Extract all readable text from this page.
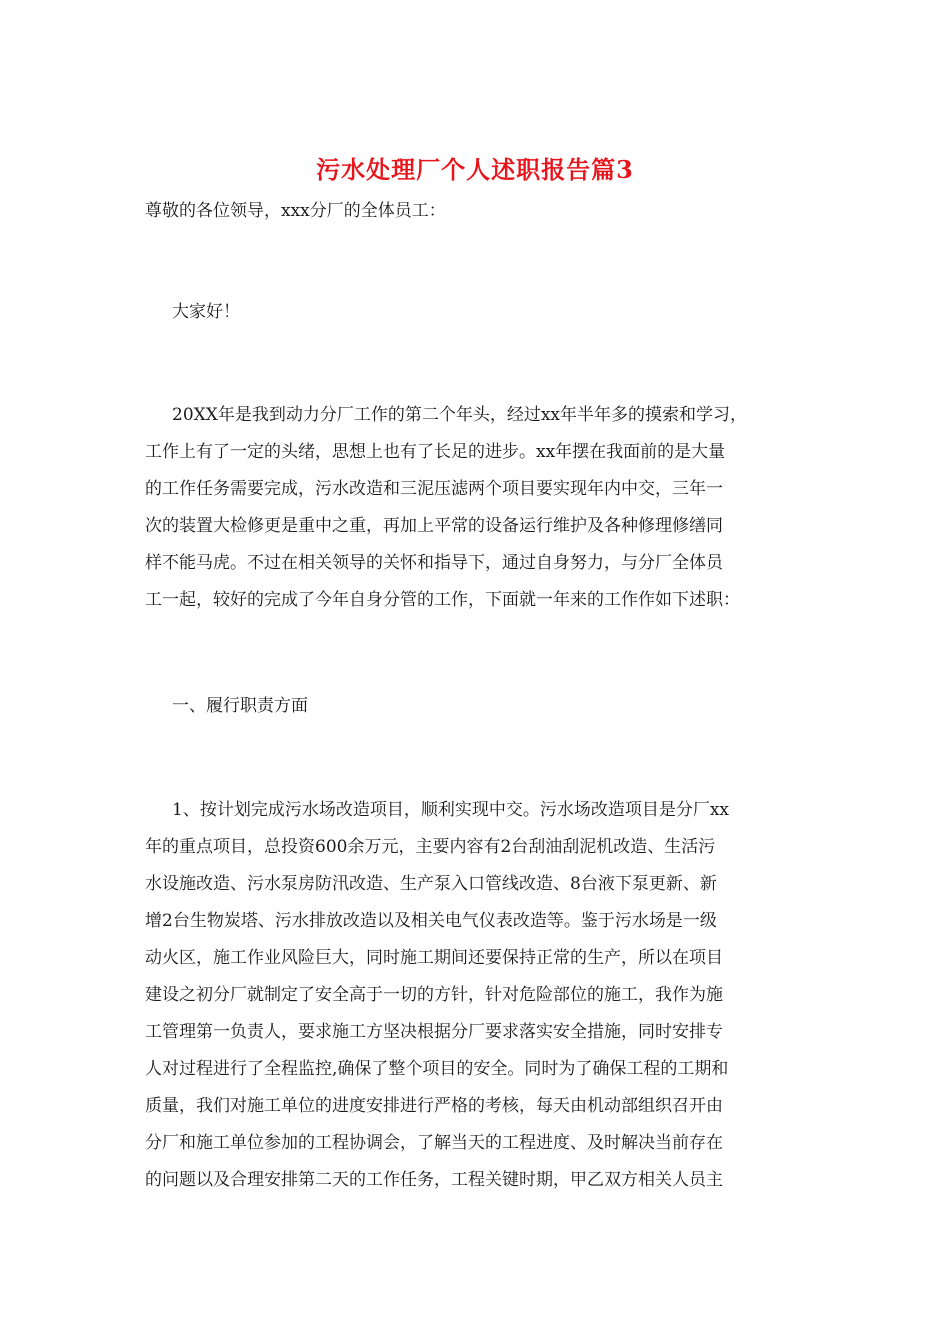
污水处理厂个人述职报告篇3
尊敬的各位领导，xxx分厂的全体员工：
大家好！
20XX年是我到动力分厂工作的第二个年头，经过xx年半年多的摸索和学习，
工作上有了一定的头绪，思想上也有了长足的进步。xx年摆在我面前的是大量
的工作任务需要完成，污水改造和三泥压滤两个项目要实现年内中交，三年一
次的装置大检修更是重中之重，再加上平常的设备运行维护及各种修理修缮同
样不能马虎。不过在相关领导的关怀和指导下，通过自身努力，与分厂全体员
工一起，较好的完成了今年自身分管的工作，下面就一年来的工作作如下述职：
一、履行职责方面
1、按计划完成污水场改造项目，顺利实现中交。污水场改造项目是分厂xx
年的重点项目，总投资600余万元，主要内容有2台刮油刮泥机改造、生活污
水设施改造、污水泵房防汛改造、生产泵入口管线改造、8台液下泵更新、新
增2台生物炭塔、污水排放改造以及相关电气仪表改造等。鉴于污水场是一级
动火区，施工作业风险巨大，同时施工期间还要保持正常的生产，所以在项目
建设之初分厂就制定了安全高于一切的方针，针对危险部位的施工，我作为施
工管理第一负责人，要求施工方坚决根据分厂要求落实安全措施，同时安排专
人对过程进行了全程监控,确保了整个项目的安全。同时为了确保工程的工期和
质量，我们对施工单位的进度安排进行严格的考核，每天由机动部组织召开由
分厂和施工单位参加的工程协调会，了解当天的工程进度、及时解决当前存在
的问题以及合理安排第二天的工作任务，工程关键时期，甲乙双方相关人员主
